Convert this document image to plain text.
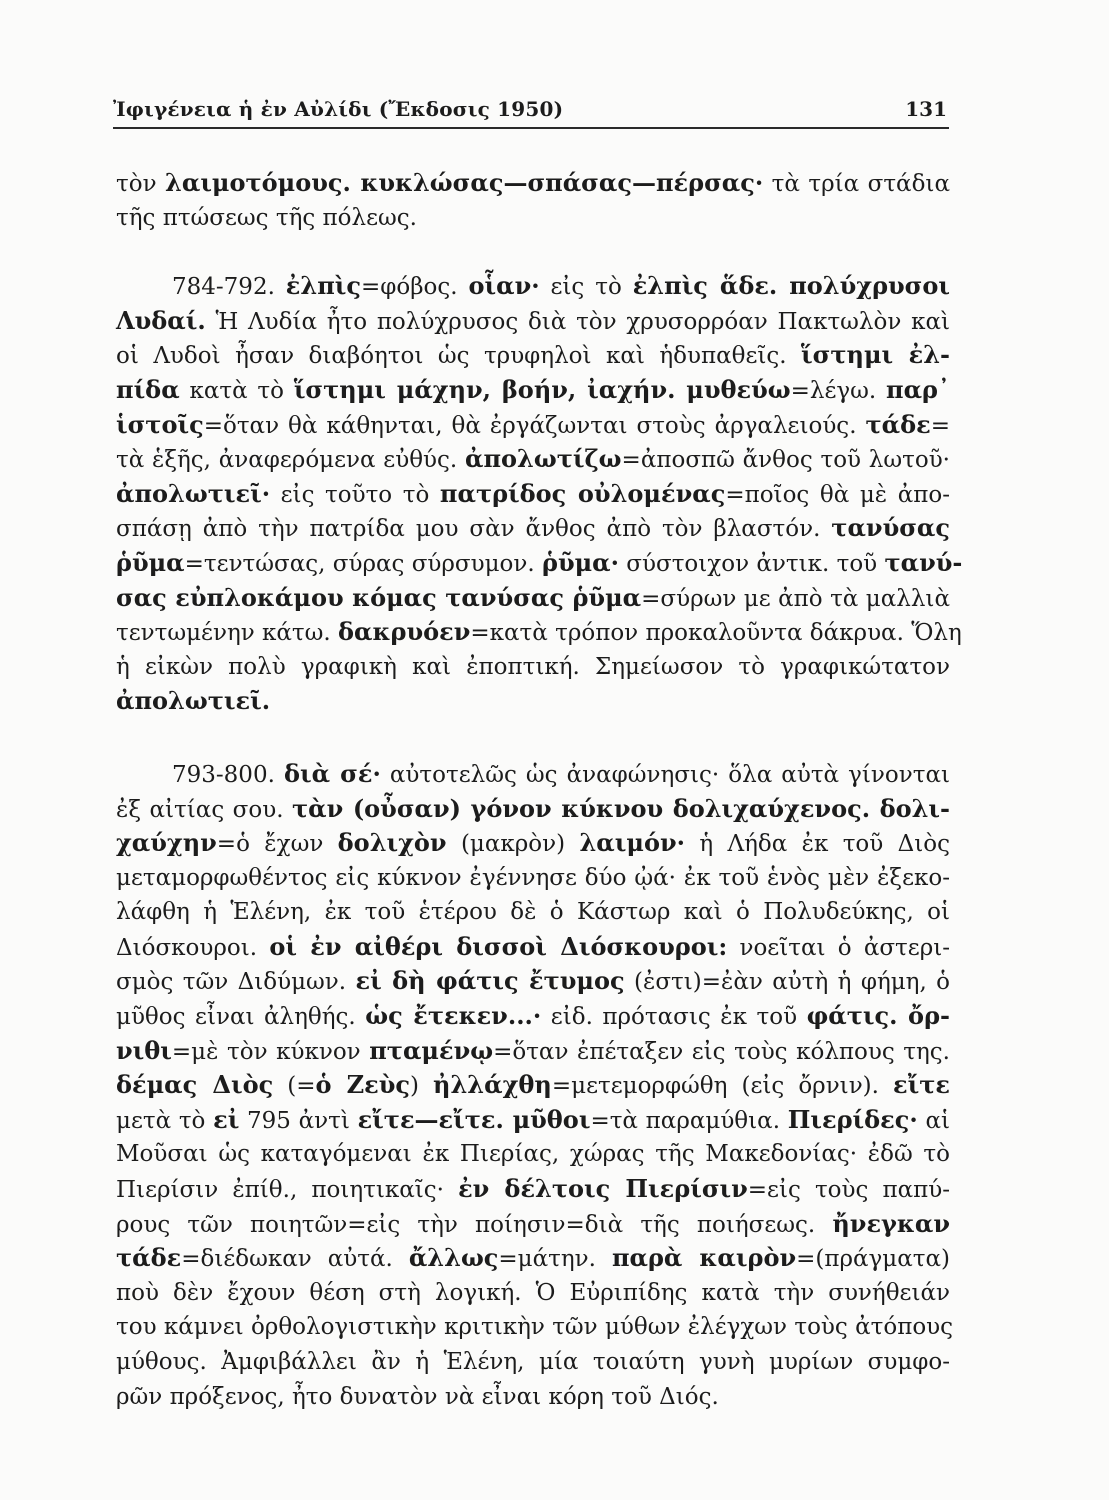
Ἰφιγένεια ἡ ἐν Αὐλίδι (Ἔκδοσις 1950)	131
τὸν λαιμοτόμους. κυκλώσας—σπάσας—πέρσας· τὰ τρία στάδια
τῆς πτώσεως τῆς πόλεως.
784-792. ἐλπὶς=φόβος. οἷαν· εἰς τὸ ἐλπὶς ἅδε. πολύχρυσοι
Λυδαί. Ἡ Λυδία ἦτο πολύχρυσος διὰ τὸν χρυσορρόαν Πακτωλὸν καὶ
οἱ Λυδοὶ ἦσαν διαβόητοι ὡς τρυφηλοὶ καὶ ἡδυπαθεῖς. ἵστημι ἐλ-
πίδα κατὰ τὸ ἵστημι μάχην, βοήν, ἰαχήν. μυθεύω=λέγω. παρ᾽
ἱστοῖς=ὅταν θὰ κάθηνται, θὰ ἐργάζωνται στοὺς ἀργαλειούς. τάδε=
τὰ ἑξῆς, ἀναφερόμενα εὐθύς. ἀπολωτίζω=ἀποσπῶ ἄνθος τοῦ λωτοῦ·
ἀπολωτιεῖ· εἰς τοῦτο τὸ πατρίδος οὐλομένας=ποῖος θὰ μὲ ἀπο-
σπάσῃ ἀπὸ τὴν πατρίδα μου σὰν ἄνθος ἀπὸ τὸν βλαστόν. τανύσας
ῥῦμα=τεντώσας, σύρας σύρσυμον. ῥῦμα· σύστοιχον ἀντικ. τοῦ τανύ-
σας εὐπλοκάμου κόμας τανύσας ῥῦμα=σύρων με ἀπὸ τὰ μαλλιὰ
τεντωμένην κάτω. δακρυόεν=κατὰ τρόπον προκαλοῦντα δάκρυα. Ὅλη
ἡ εἰκὼν πολὺ γραφικὴ καὶ ἐποπτική. Σημείωσον τὸ γραφικώτατον
ἀπολωτιεῖ.
793-800. διὰ σέ· αὐτοτελῶς ὡς ἀναφώνησις· ὅλα αὐτὰ γίνονται
ἐξ αἰτίας σου. τὰν (οὖσαν) γόνον κύκνου δολιχαύχενος. δολι-
χαύχην=ὁ ἔχων δολιχὸν (μακρὸν) λαιμόν· ἡ Λήδα ἐκ τοῦ Διὸς
μεταμορφωθέντος εἰς κύκνον ἐγέννησε δύο ᾠά· ἐκ τοῦ ἑνὸς μὲν ἐξεκο-
λάφθη ἡ Ἑλένη, ἐκ τοῦ ἑτέρου δὲ ὁ Κάστωρ καὶ ὁ Πολυδεύκης, οἱ
Διόσκουροι. οἱ ἐν αἰθέρι δισσοὶ Διόσκουροι: νοεῖται ὁ ἀστερι-
σμὸς τῶν Διδύμων. εἰ δὴ φάτις ἔτυμος (ἐστι)=ἐὰν αὐτὴ ἡ φήμη, ὁ
μῦθος εἶναι ἀληθής. ὡς ἔτεκεν...· εἰδ. πρότασις ἐκ τοῦ φάτις. ὄρ-
νιθι=μὲ τὸν κύκνον πταμένῳ=ὅταν ἐπέταξεν εἰς τοὺς κόλπους της.
δέμας Διὸς (=ὁ Ζεὺς) ἠλλάχθη=μετεμορφώθη (εἰς ὄρνιν). εἴτε
μετὰ τὸ εἰ 795 ἀντὶ εἴτε—εἴτε. μῦθοι=τὰ παραμύθια. Πιερίδες· αἱ
Μοῦσαι ὡς καταγόμεναι ἐκ Πιερίας, χώρας τῆς Μακεδονίας· ἐδῶ τὸ
Πιερίσιν ἐπίθ., ποιητικαῖς· ἐν δέλτοις Πιερίσιν=εἰς τοὺς παπύ-
ρους τῶν ποιητῶν=εἰς τὴν ποίησιν=διὰ τῆς ποιήσεως. ἤνεγκαν
τάδε=διέδωκαν αὐτά. ἄλλως=μάτην. παρὰ καιρὸν=(πράγματα)
ποὺ δὲν ἔχουν θέση στὴ λογική. Ὁ Εὐριπίδης κατὰ τὴν συνήθειάν
του κάμνει ὀρθολογιστικὴν κριτικὴν τῶν μύθων ἐλέγχων τοὺς ἀτόπους
μύθους. Ἀμφιβάλλει ἂν ἡ Ἑλένη, μία τοιαύτη γυνὴ μυρίων συμφο-
ρῶν πρόξενος, ἦτο δυνατὸν νὰ εἶναι κόρη τοῦ Διός.
